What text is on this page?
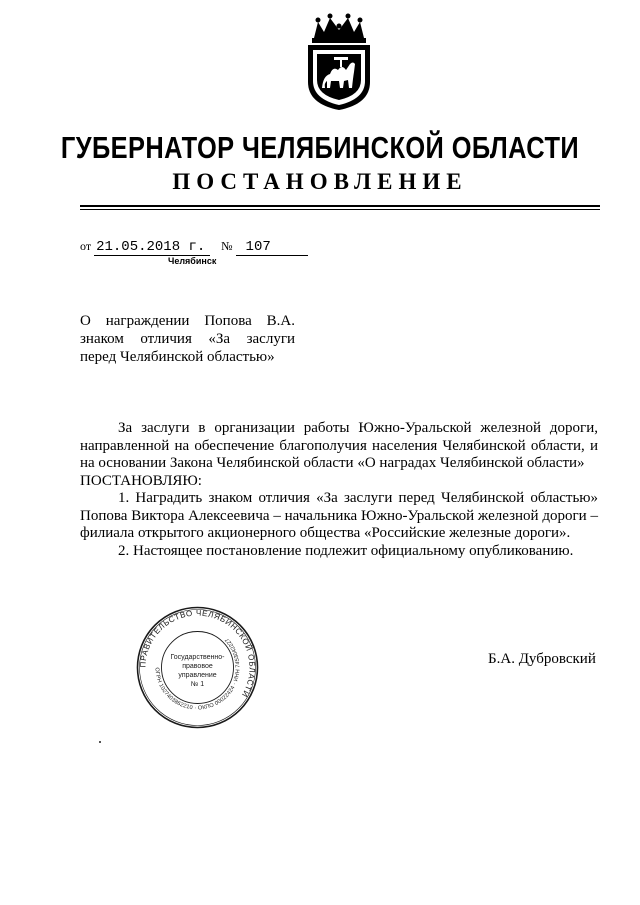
ГУБЕРНАТОР ЧЕЛЯБИНСКОЙ ОБЛАСТИ
ПОСТАНОВЛЕНИЕ
от 21.05.2018 г. № 107
Челябинск
О награждении Попова В.А. знаком отличия «За заслуги перед Челябинской областью»

За заслуги в организации работы Южно-Уральской железной дороги, направленной на обеспечение благополучия населения Челябинской области, и на основании Закона Челябинской области «О наградах Челябинской области»

ПОСТАНОВЛЯЮ:

1. Наградить знаком отличия «За заслуги перед Челябинской областью» Попова Виктора Алексеевича – начальника Южно-Уральской железной дороги – филиала открытого акционерного общества «Российские железные дороги».

2. Настоящее постановление подлежит официальному опубликованию.

ПРАВИТЕЛЬСТВО ЧЕЛЯБИНСКОЙ ОБЛАСТИ
ОГРН 1027403862210 · ОКПО 00022424 · ИНН 7453042227
Государственно-
правовое
управление
№ 1
Б.А. Дубровский
